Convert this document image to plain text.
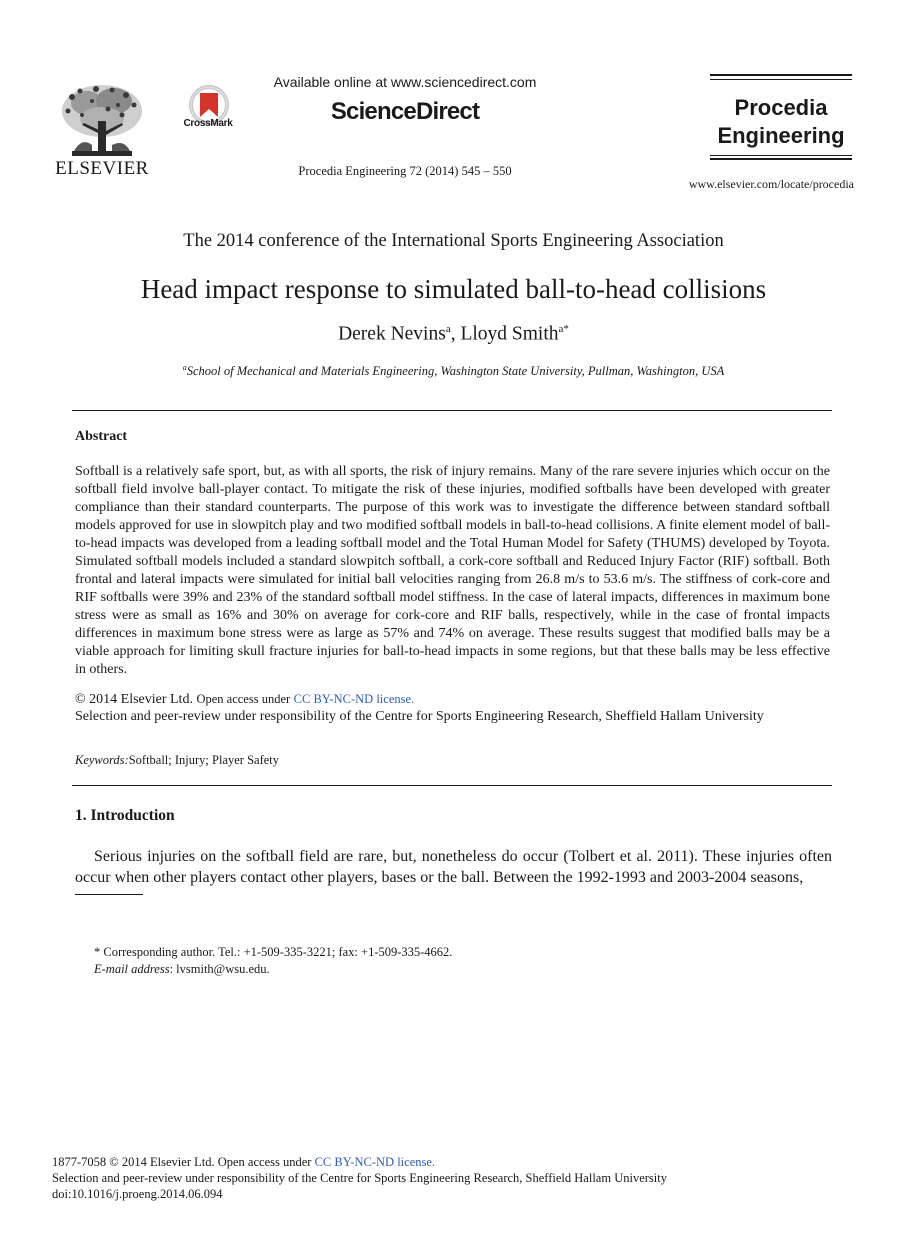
ELSEVIER
CrossMark
Available online at www.sciencedirect.com
ScienceDirect
Procedia Engineering 72 (2014) 545 – 550
Procedia
Engineering
www.elsevier.com/locate/procedia
The 2014 conference of the International Sports Engineering Association
Head impact response to simulated ball-to-head collisions
Derek Nevins$^a$, Lloyd Smith$^{a*}$
$^a$School of Mechanical and Materials Engineering, Washington State University, Pullman, Washington, USA
Abstract
Softball is a relatively safe sport, but, as with all sports, the risk of injury remains. Many of the rare severe injuries which occur on the softball field involve ball-player contact. To mitigate the risk of these injuries, modified softballs have been developed with greater compliance than their standard counterparts. The purpose of this work was to investigate the difference between standard softball models approved for use in slowpitch play and two modified softball models in ball-to-head collisions. A finite element model of ball-to-head impacts was developed from a leading softball model and the Total Human Model for Safety (THUMS) developed by Toyota. Simulated softball models included a standard slowpitch softball, a cork-core softball and Reduced Injury Factor (RIF) softball. Both frontal and lateral impacts were simulated for initial ball velocities ranging from 26.8 m/s to 53.6 m/s. The stiffness of cork-core and RIF softballs were 39% and 23% of the standard softball model stiffness. In the case of lateral impacts, differences in maximum bone stress were as small as 16% and 30% on average for cork-core and RIF balls, respectively, while in the case of frontal impacts differences in maximum bone stress were as large as 57% and 74% on average. These results suggest that modified balls may be a viable approach for limiting skull fracture injuries for ball-to-head impacts in some regions, but that these balls may be less effective in others.
© 2014 Elsevier Ltd. Open access under CC BY-NC-ND license.
Selection and peer-review under responsibility of the Centre for Sports Engineering Research, Sheffield Hallam University
Keywords:Softball; Injury; Player Safety
1. Introduction
Serious injuries on the softball field are rare, but, nonetheless do occur (Tolbert et al. 2011). These injuries often occur when other players contact other players, bases or the ball. Between the 1992-1993 and 2003-2004 seasons,
* Corresponding author. Tel.: +1-509-335-3221; fax: +1-509-335-4662.
E-mail address: lvsmith@wsu.edu.
1877-7058 © 2014 Elsevier Ltd. Open access under CC BY-NC-ND license.
Selection and peer-review under responsibility of the Centre for Sports Engineering Research, Sheffield Hallam University
doi:10.1016/j.proeng.2014.06.094
